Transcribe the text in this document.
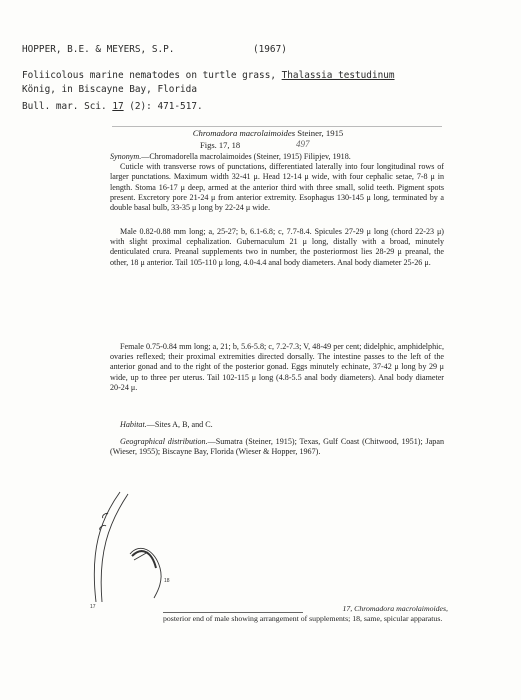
HOPPER, B.E. & MEYERS, S.P.	(1967)
Foliicolous marine nematodes on turtle grass, Thalassia testudinum
König, in Biscayne Bay, Florida
Bull. mar. Sci. 17 (2): 471-517.
Chromadora macrolaimoides Steiner, 1915
Figs. 17, 18	497

Synonym.—Chromadorella macrolaimoides (Steiner, 1915) Filipjev, 1918.

Cuticle with transverse rows of punctations, differentiated laterally into four longitudinal rows of larger punctations. Maximum width 32-41 μ. Head 12-14 μ wide, with four cephalic setae, 7-8 μ in length. Stoma 16-17 μ deep, armed at the anterior third with three small, solid teeth. Pigment spots present. Excretory pore 21-24 μ from anterior extremity. Esophagus 130-145 μ long, terminated by a double basal bulb, 33-35 μ long by 22-24 μ wide.

Male 0.82-0.88 mm long; a, 25-27; b, 6.1-6.8; c, 7.7-8.4. Spicules 27-29 μ long (chord 22-23 μ) with slight proximal cephalization. Gubernaculum 21 μ long, distally with a broad, minutely denticulated crura. Preanal supplements two in number, the posteriormost lies 28-29 μ preanal, the other, 18 μ anterior. Tail 105-110 μ long, 4.0-4.4 anal body diameters. Anal body diameter 25-26 μ.

Female 0.75-0.84 mm long; a, 21; b, 5.6-5.8; c, 7.2-7.3; V, 48-49 per cent; didelphic, amphidelphic, ovaries reflexed; their proximal extremities directed dorsally. The intestine passes to the left of the anterior gonad and to the right of the posterior gonad. Eggs minutely echinate, 37-42 μ long by 29 μ wide, up to three per uterus. Tail 102-115 μ long (4.8-5.5 anal body diameters). Anal body diameter 20-24 μ.

Habitat.—Sites A, B, and C.

Geographical distribution.—Sumatra (Steiner, 1915); Texas, Gulf Coast (Chitwood, 1951); Japan (Wieser, 1955); Biscayne Bay, Florida (Wieser & Hopper, 1967).

18
17	17, Chromadora macrolaimoides,
posterior end of male showing arrangement of supplements; 18, same, spicular apparatus.
